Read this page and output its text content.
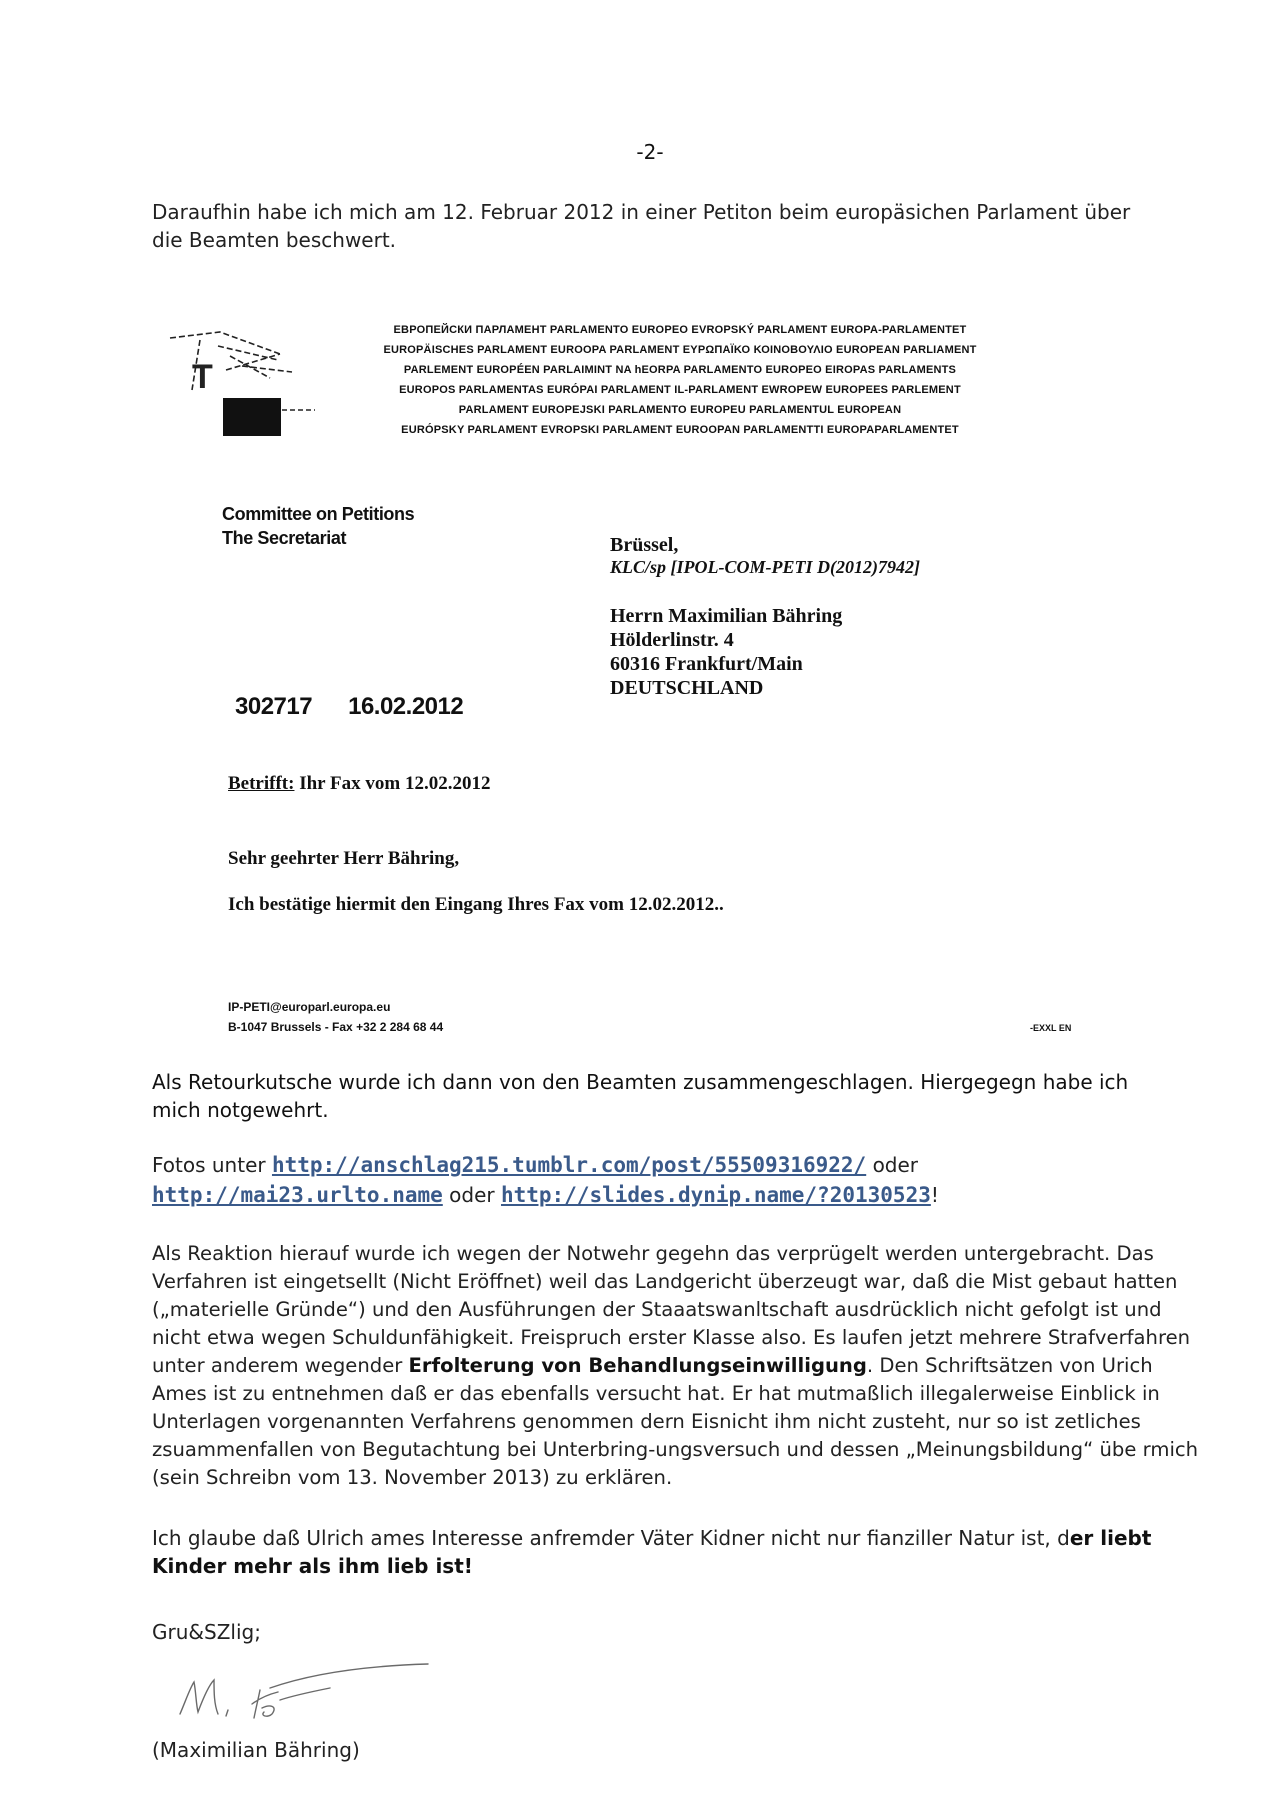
-2-
Daraufhin habe ich mich am 12. Februar 2012 in einer Petiton beim europäsichen Parlament über die Beamten beschwert.
T
ЕВРОПЕЙСКИ ПАРЛАМЕНТ PARLAMENTO EUROPEO EVROPSKÝ PARLAMENT EUROPA-PARLAMENTET
EUROPÄISCHES PARLAMENT EUROOPA PARLAMENT ΕΥΡΩΠΑΪΚΟ ΚΟΙΝΟΒΟΥΛΙΟ EUROPEAN PARLIAMENT
PARLEMENT EUROPÉEN PARLAIMINT NA hEORPA PARLAMENTO EUROPEO EIROPAS PARLAMENTS
EUROPOS PARLAMENTAS EURÓPAI PARLAMENT IL-PARLAMENT EWROPEW EUROPEES PARLEMENT
PARLAMENT EUROPEJSKI PARLAMENTO EUROPEU PARLAMENTUL EUROPEAN
EURÓPSKY PARLAMENT EVROPSKI PARLAMENT EUROOPAN PARLAMENTTI EUROPAPARLAMENTET
Committee on Petitions
The Secretariat	Brüssel,
KLC/sp [IPOL-COM-PETI D(2012)7942]
Herrn Maximilian Bähring
Hölderlinstr. 4
60316 Frankfurt/Main
DEUTSCHLAND
302717 16.02.2012
Betrifft: Ihr Fax vom 12.02.2012
Sehr geehrter Herr Bähring,
Ich bestätige hiermit den Eingang Ihres Fax vom 12.02.2012..
IP-PETI@europarl.europa.eu
B-1047 Brussels - Fax +32 2 284 68 44	-EXXL EN
Als Retourkutsche wurde ich dann von den Beamten zusammengeschlagen. Hiergegegn habe ich mich notgewehrt.
Fotos unter http://anschlag215.tumblr.com/post/55509316922/ oder
http://mai23.urlto.name oder http://slides.dynip.name/?20130523!
Als Reaktion hierauf wurde ich wegen der Notwehr gegehn das verprügelt werden untergebracht. Das Verfahren ist eingetsellt (Nicht Eröffnet) weil das Landgericht überzeugt war, daß die Mist gebaut hatten („materielle Gründe“) und den Ausführungen der Staaatswanltschaft ausdrücklich nicht gefolgt ist und nicht etwa wegen Schuldunfähigkeit. Freispruch erster Klasse also. Es laufen jetzt mehrere Strafverfahren unter anderem wegender Erfolterung von Behandlungseinwilligung. Den Schriftsätzen von Urich Ames ist zu entnehmen daß er das ebenfalls versucht hat. Er hat mutmaßlich illegalerweise Einblick in Unterlagen vorgenannten Verfahrens genommen dern Eisnicht ihm nicht zusteht, nur so ist zetliches zsuammenfallen von Begutachtung bei Unterbring-ungsversuch und dessen „Meinungsbildung“ übe rmich (sein Schreibn vom 13. November 2013) zu erklären.
Ich glaube daß Ulrich ames Interesse anfremder Väter Kidner nicht nur fianziller Natur ist, der liebt Kinder mehr als ihm lieb ist!
Gru&SZlig;
(Maximilian Bähring)
